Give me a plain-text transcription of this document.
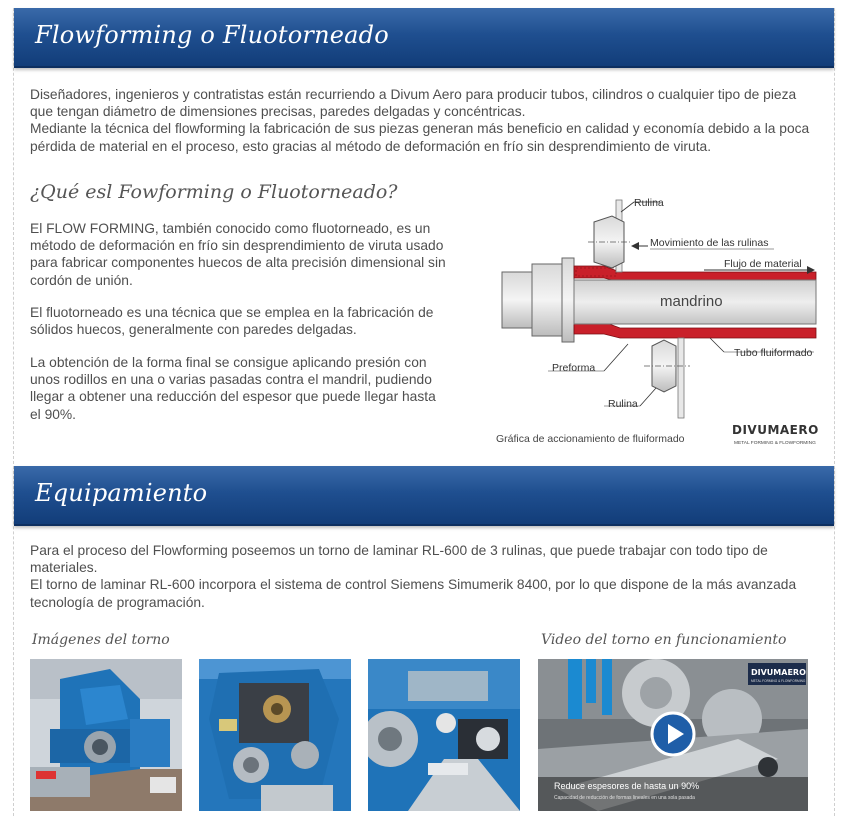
Flowforming o Fluotorneado
Diseñadores, ingenieros y contratistas están recurriendo a Divum Aero para producir tubos, cilindros o cualquier tipo de pieza que tengan diámetro de dimensiones precisas, paredes delgadas y concéntricas.
Mediante la técnica del flowforming la fabricación de sus piezas generan más beneficio en calidad y economía debido a la poca pérdida de material en el proceso, esto gracias al método de deformación en frío sin desprendimiento de viruta.
¿Qué esl Fowforming o Fluotorneado?
El FLOW FORMING, también conocido como fluotorneado, es un método de deformación en frío sin desprendimiento de viruta usado para fabricar componentes huecos de alta precisión dimensional sin cordón de unión.
El fluotorneado es una técnica que se emplea en la fabricación de sólidos huecos, generalmente con paredes delgadas.
La obtención de la forma final se consigue aplicando presión con unos rodillos en una o varias pasadas contra el mandril, pudiendo llegar a obtener una reducción del espesor que puede llegar hasta el 90%.
mandrino
Rulina
Movimiento de las rulinas
Flujo de material
Tubo fluiformado
Preforma
Rulina
Gráfica de accionamiento de fluiformado
DIVUMAERO
METAL FORMING & FLOWFORMING
Equipamiento
Para el proceso del Flowforming poseemos un torno de laminar RL-600 de 3 rulinas, que puede trabajar con todo tipo de materiales.
El torno de laminar RL-600 incorpora el sistema de control Siemens Simumerik 8400, por lo que dispone de la más avanzada tecnología de programación.
Imágenes del torno	Video del torno en funcionamiento
DIVUMAERO
METAL FORMING & FLOWFORMING
Reduce espesores de hasta un 90%
Capacidad de reducción de formas lineales en una sola pasada
